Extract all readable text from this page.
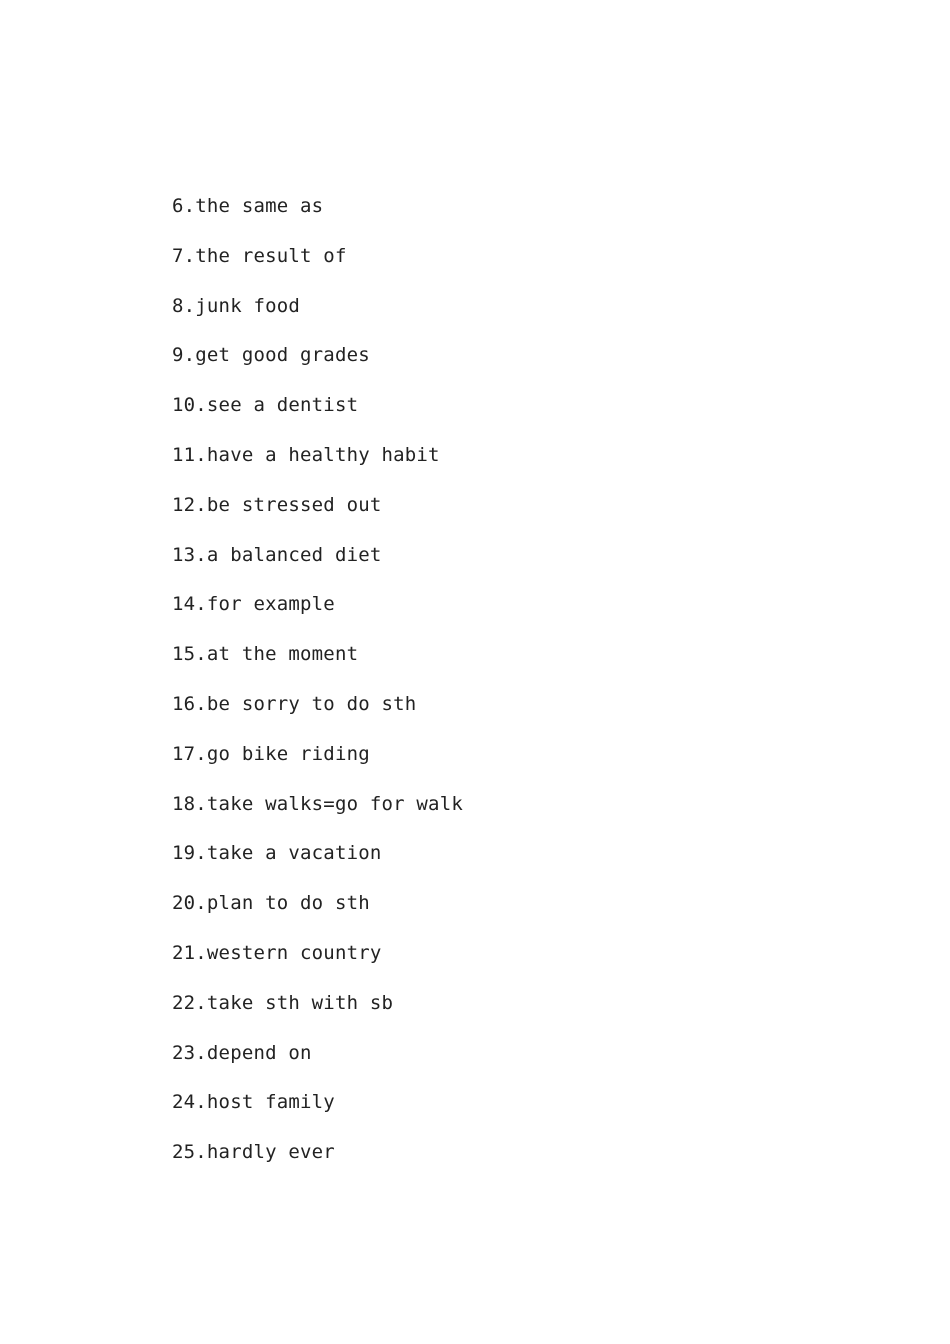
6.the same as
7.the result of
8.junk food
9.get good grades
10.see a dentist
11.have a healthy habit
12.be stressed out
13.a balanced diet
14.for example
15.at the moment
16.be sorry to do sth
17.go bike riding
18.take walks=go for walk
19.take a vacation
20.plan to do sth
21.western country
22.take sth with sb
23.depend on
24.host family
25.hardly ever
